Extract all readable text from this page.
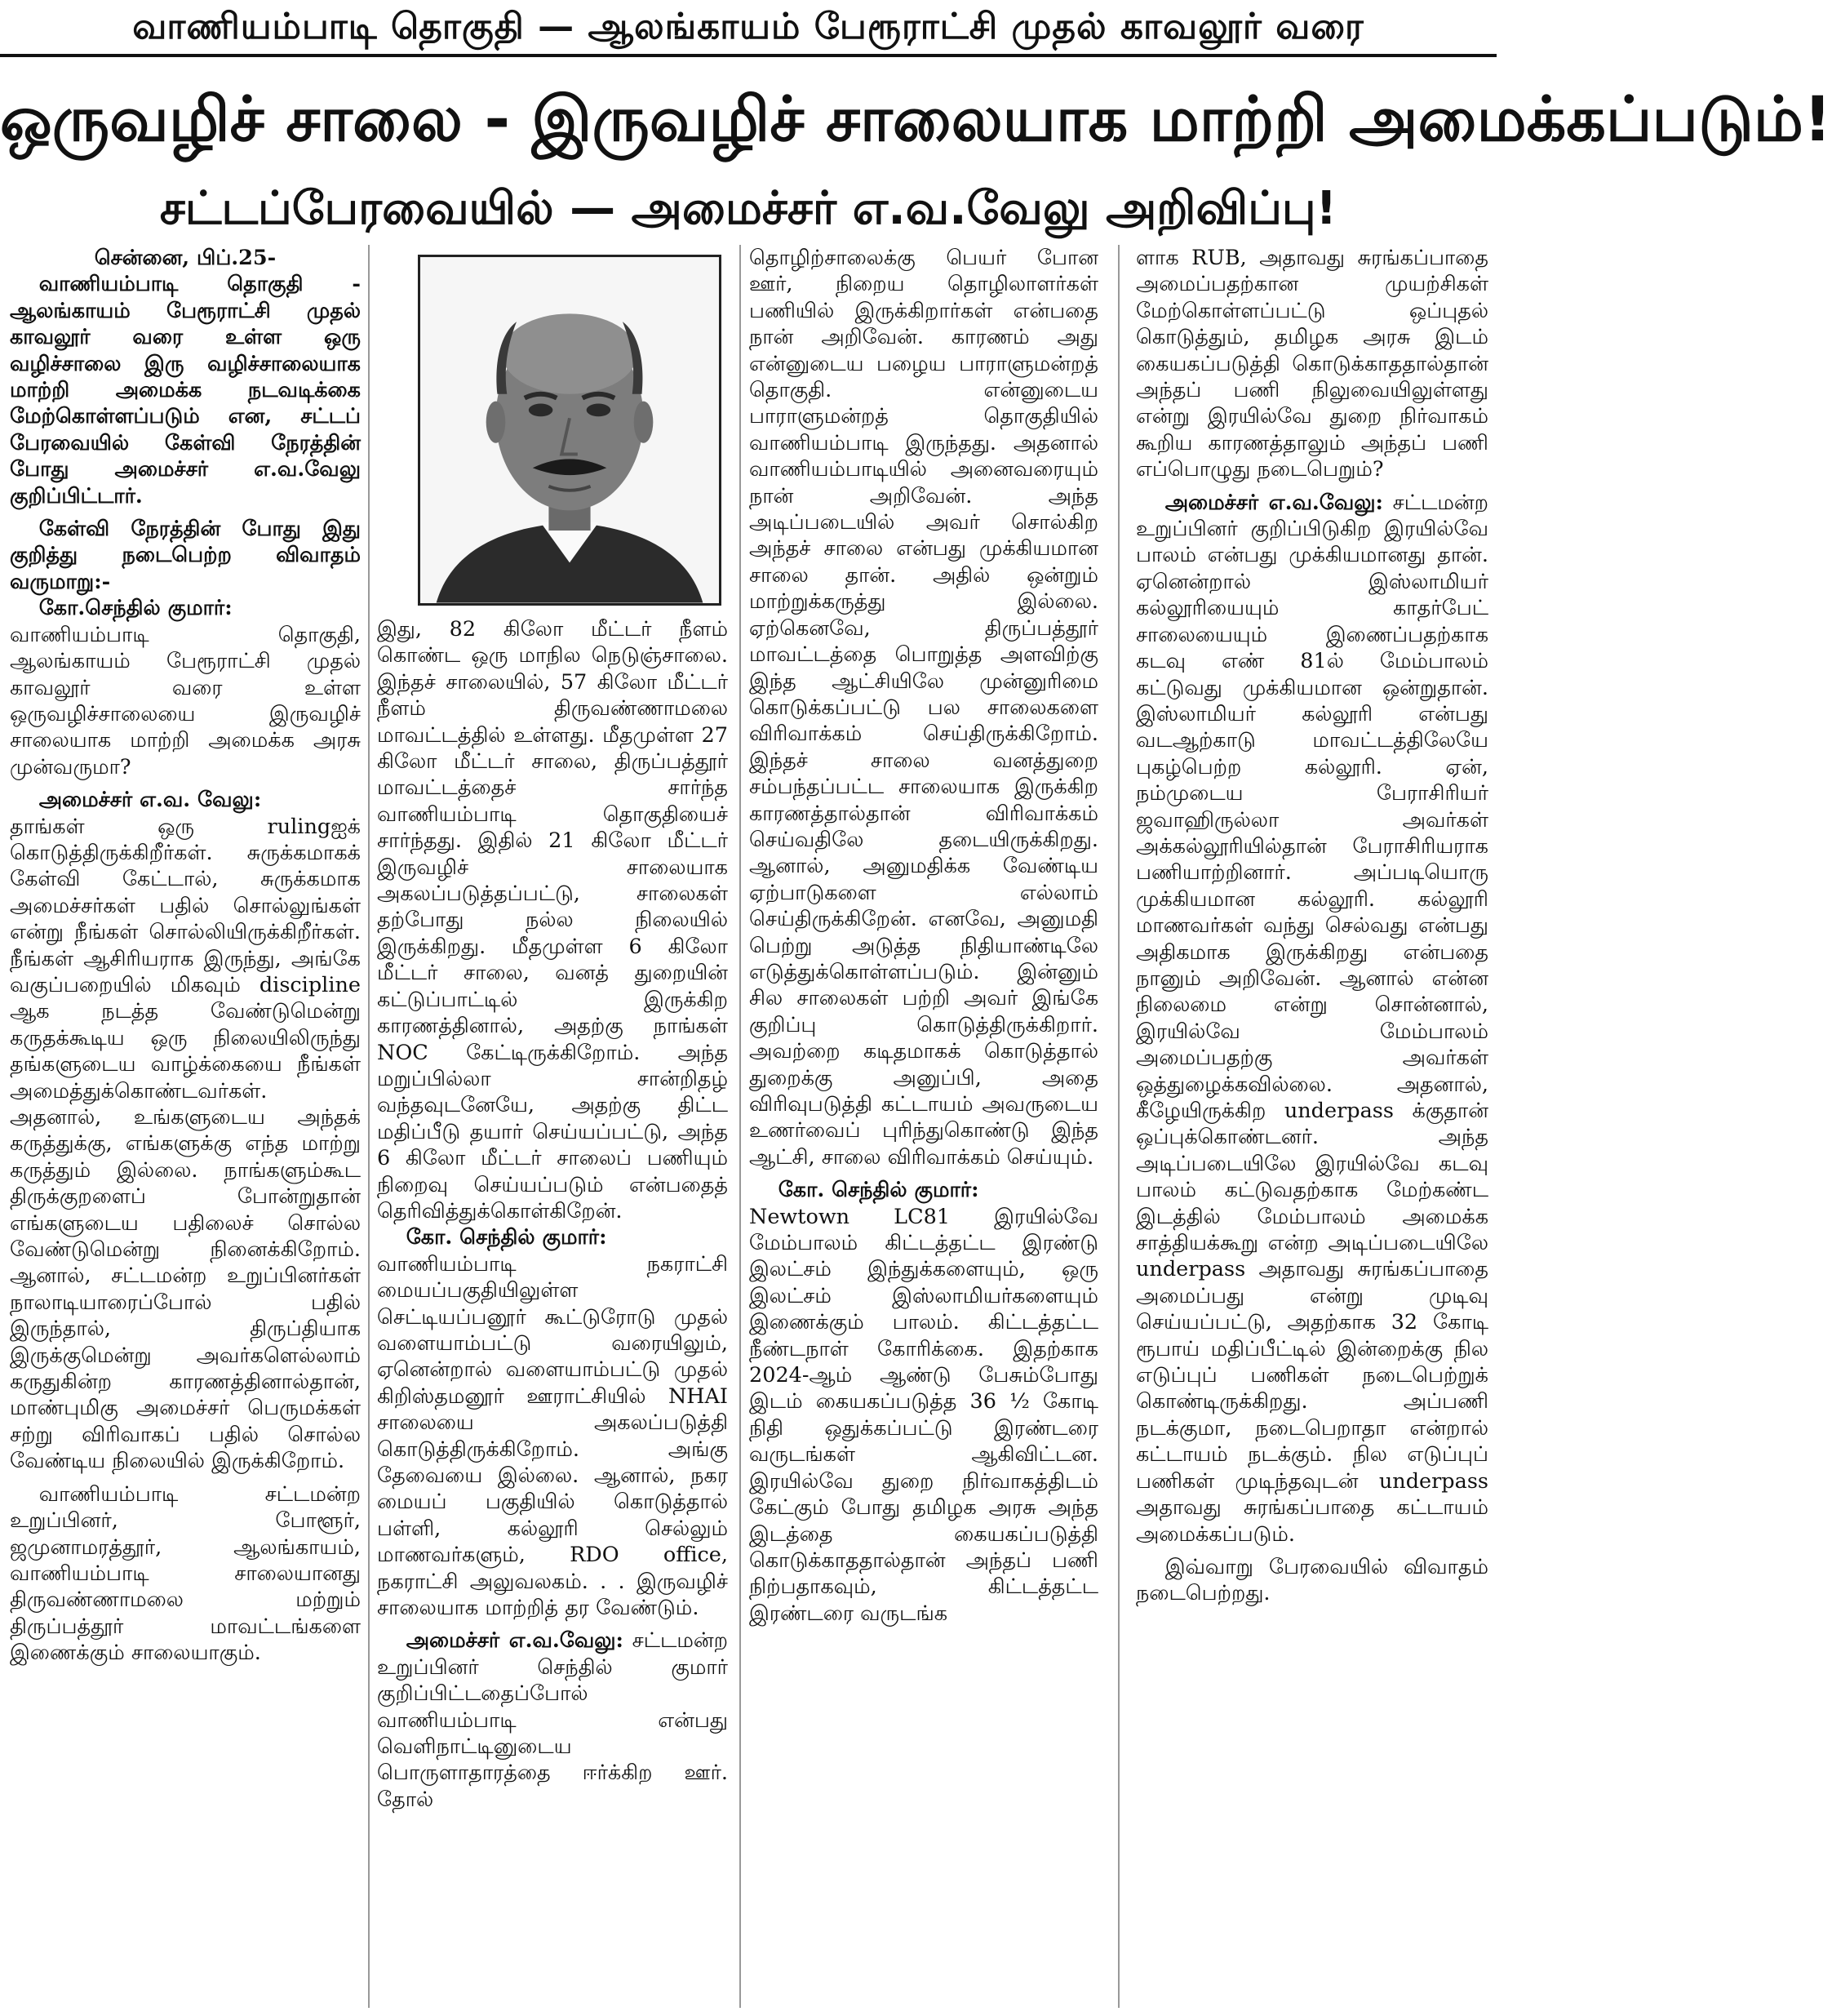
வாணியம்பாடி தொகுதி — ஆலங்காயம் பேரூராட்சி முதல் காவலூர் வரை
ஒருவழிச் சாலை - இருவழிச் சாலையாக மாற்றி அமைக்கப்படும்!
சட்டப்பேரவையில் — அமைச்சர் எ.வ.வேலு அறிவிப்பு!

சென்னை, பிப்.25-

வாணியம்பாடி தொகுதி - ஆலங்காயம் பேரூராட்சி முதல் காவலூர் வரை உள்ள ஒரு வழிச்சாலை இரு வழிச்சாலையாக மாற்றி அமைக்க நடவடிக்கை மேற்கொள்ளப்படும் என, சட்டப் பேரவையில் கேள்வி நேரத்தின் போது அமைச்சர் எ.வ.வேலு குறிப்பிட்டார்.

கேள்வி நேரத்தின் போது இது குறித்து நடைபெற்ற விவாதம் வருமாறு:-

கோ.செந்தில் குமார்:

வாணியம்பாடி தொகுதி, ஆலங்காயம் பேரூராட்சி முதல் காவலூர் வரை உள்ள ஒருவழிச்சாலையை இருவழிச் சாலையாக மாற்றி அமைக்க அரசு முன்வருமா?

அமைச்சர் எ.வ. வேலு:

தாங்கள் ஒரு rulingஐக் கொடுத்திருக்கிறீர்கள். சுருக்கமாகக் கேள்வி கேட்டால், சுருக்கமாக அமைச்சர்கள் பதில் சொல்லுங்கள் என்று நீங்கள் சொல்லியிருக்கிறீர்கள். நீங்கள் ஆசிரியராக இருந்து, அங்கே வகுப்பறையில் மிகவும் discipline ஆக நடத்த வேண்டுமென்று கருதக்கூடிய ஒரு நிலையிலிருந்து தங்களுடைய வாழ்க்கையை நீங்கள் அமைத்துக்கொண்டவர்கள். அதனால், உங்களுடைய அந்தக் கருத்துக்கு, எங்களுக்கு எந்த மாற்று கருத்தும் இல்லை. நாங்களும்கூட திருக்குறளைப் போன்றுதான் எங்களுடைய பதிலைச் சொல்ல வேண்டுமென்று நினைக்கிறோம். ஆனால், சட்டமன்ற உறுப்பினர்கள் நாலாடியாரைப்போல் பதில் இருந்தால், திருப்தியாக இருக்குமென்று அவர்களெல்லாம் கருதுகின்ற காரணத்தினால்தான், மாண்புமிகு அமைச்சர் பெருமக்கள் சற்று விரிவாகப் பதில் சொல்ல வேண்டிய நிலையில் இருக்கிறோம்.

வாணியம்பாடி சட்டமன்ற உறுப்பினர், போளூர், ஜமுனாமரத்தூர், ஆலங்காயம், வாணியம்பாடி சாலையானது திருவண்ணாமலை மற்றும் திருப்பத்தூர் மாவட்டங்களை இணைக்கும் சாலையாகும்.

இது, 82 கிலோ மீட்டர் நீளம் கொண்ட ஒரு மாநில நெடுஞ்சாலை. இந்தச் சாலையில், 57 கிலோ மீட்டர் நீளம் திருவண்ணாமலை மாவட்டத்தில் உள்ளது. மீதமுள்ள 27 கிலோ மீட்டர் சாலை, திருப்பத்தூர் மாவட்டத்தைச் சார்ந்த வாணியம்பாடி தொகுதியைச் சார்ந்தது. இதில் 21 கிலோ மீட்டர் இருவழிச் சாலையாக அகலப்படுத்தப்பட்டு, சாலைகள் தற்போது நல்ல நிலையில் இருக்கிறது. மீதமுள்ள 6 கிலோ மீட்டர் சாலை, வனத் துறையின் கட்டுப்பாட்டில் இருக்கிற காரணத்தினால், அதற்கு நாங்கள் NOC கேட்டிருக்கிறோம். அந்த மறுப்பில்லா சான்றிதழ் வந்தவுடனேயே, அதற்கு திட்ட மதிப்பீடு தயார் செய்யப்பட்டு, அந்த 6 கிலோ மீட்டர் சாலைப் பணியும் நிறைவு செய்யப்படும் என்பதைத் தெரிவித்துக்கொள்கிறேன்.

கோ. செந்தில் குமார்:

வாணியம்பாடி நகராட்சி மையப்பகுதியிலுள்ள செட்டியப்பனூர் கூட்டுரோடு முதல் வளையாம்பட்டு வரையிலும், ஏனென்றால் வளையாம்பட்டு முதல் கிறிஸ்தமனூர் ஊராட்சியில் NHAI சாலையை அகலப்படுத்தி கொடுத்திருக்கிறோம். அங்கு தேவையை இல்லை. ஆனால், நகர மையப் பகுதியில் கொடுத்தால் பள்ளி, கல்லூரி செல்லும் மாணவர்களும், RDO office, நகராட்சி அலுவலகம். . . இருவழிச் சாலையாக மாற்றித் தர வேண்டும்.

அமைச்சர் எ.வ.வேலு: சட்டமன்ற உறுப்பினர் செந்தில் குமார் குறிப்பிட்டதைப்போல் வாணியம்பாடி என்பது வெளிநாட்டினுடைய பொருளாதாரத்தை ஈர்க்கிற ஊர். தோல்

தொழிற்சாலைக்கு பெயர் போன ஊர், நிறைய தொழிலாளர்கள் பணியில் இருக்கிறார்கள் என்பதை நான் அறிவேன். காரணம் அது என்னுடைய பழைய பாராளுமன்றத் தொகுதி. என்னுடைய பாராளுமன்றத் தொகுதியில் வாணியம்பாடி இருந்தது. அதனால் வாணியம்பாடியில் அனைவரையும் நான் அறிவேன். அந்த அடிப்படையில் அவர் சொல்கிற அந்தச் சாலை என்பது முக்கியமான சாலை தான். அதில் ஒன்றும் மாற்றுக்கருத்து இல்லை. ஏற்கெனவே, திருப்பத்தூர் மாவட்டத்தை பொறுத்த அளவிற்கு இந்த ஆட்சியிலே முன்னுரிமை கொடுக்கப்பட்டு பல சாலைகளை விரிவாக்கம் செய்திருக்கிறோம். இந்தச் சாலை வனத்துறை சம்பந்தப்பட்ட சாலையாக இருக்கிற காரணத்தால்தான் விரிவாக்கம் செய்வதிலே தடையிருக்கிறது. ஆனால், அனுமதிக்க வேண்டிய ஏற்பாடுகளை எல்லாம் செய்திருக்கிறேன். எனவே, அனுமதி பெற்று அடுத்த நிதியாண்டிலே எடுத்துக்கொள்ளப்படும். இன்னும் சில சாலைகள் பற்றி அவர் இங்கே குறிப்பு கொடுத்திருக்கிறார். அவற்றை கடிதமாகக் கொடுத்தால் துறைக்கு அனுப்பி, அதை விரிவுபடுத்தி கட்டாயம் அவருடைய உணர்வைப் புரிந்துகொண்டு இந்த ஆட்சி, சாலை விரிவாக்கம் செய்யும்.

கோ. செந்தில் குமார்:

Newtown LC81 இரயில்வே மேம்பாலம் கிட்டத்தட்ட இரண்டு இலட்சம் இந்துக்களையும், ஒரு இலட்சம் இஸ்லாமியர்களையும் இணைக்கும் பாலம். கிட்டத்தட்ட நீண்டநாள் கோரிக்கை. இதற்காக 2024-ஆம் ஆண்டு பேசும்போது இடம் கையகப்படுத்த 36 ½ கோடி நிதி ஒதுக்கப்பட்டு இரண்டரை வருடங்கள் ஆகிவிட்டன. இரயில்வே துறை நிர்வாகத்திடம் கேட்கும் போது தமிழக அரசு அந்த இடத்தை கையகப்படுத்தி கொடுக்காததால்தான் அந்தப் பணி நிற்பதாகவும், கிட்டத்தட்ட இரண்டரை வருடங்க

ளாக RUB, அதாவது சுரங்கப்பாதை அமைப்பதற்கான முயற்சிகள் மேற்கொள்ளப்பட்டு ஒப்புதல் கொடுத்தும், தமிழக அரசு இடம் கையகப்படுத்தி கொடுக்காததால்தான் அந்தப் பணி நிலுவையிலுள்ளது என்று இரயில்வே துறை நிர்வாகம் கூறிய காரணத்தாலும் அந்தப் பணி எப்பொழுது நடைபெறும்?

அமைச்சர் எ.வ.வேலு: சட்டமன்ற உறுப்பினர் குறிப்பிடுகிற இரயில்வே பாலம் என்பது முக்கியமானது தான். ஏனென்றால் இஸ்லாமியர் கல்லூரியையும் காதர்பேட் சாலையையும் இணைப்பதற்காக கடவு எண் 81ல் மேம்பாலம் கட்டுவது முக்கியமான ஒன்றுதான். இஸ்லாமியர் கல்லூரி என்பது வடஆற்காடு மாவட்டத்திலேயே புகழ்பெற்ற கல்லூரி. ஏன், நம்முடைய பேராசிரியர் ஜவாஹிருல்லா அவர்கள் அக்கல்லூரியில்தான் பேராசிரியராக பணியாற்றினார். அப்படியொரு முக்கியமான கல்லூரி. கல்லூரி மாணவர்கள் வந்து செல்வது என்பது அதிகமாக இருக்கிறது என்பதை நானும் அறிவேன். ஆனால் என்ன நிலைமை என்று சொன்னால், இரயில்வே மேம்பாலம் அமைப்பதற்கு அவர்கள் ஒத்துழைக்கவில்லை. அதனால், கீழேயிருக்கிற underpass க்குதான் ஒப்புக்கொண்டனர். அந்த அடிப்படையிலே இரயில்வே கடவு பாலம் கட்டுவதற்காக மேற்கண்ட இடத்தில் மேம்பாலம் அமைக்க சாத்தியக்கூறு என்ற அடிப்படையிலே underpass அதாவது சுரங்கப்பாதை அமைப்பது என்று முடிவு செய்யப்பட்டு, அதற்காக 32 கோடி ரூபாய் மதிப்பீட்டில் இன்றைக்கு நில எடுப்புப் பணிகள் நடைபெற்றுக் கொண்டிருக்கிறது. அப்பணி நடக்குமா, நடைபெறாதா என்றால் கட்டாயம் நடக்கும். நில எடுப்புப் பணிகள் முடிந்தவுடன் underpass அதாவது சுரங்கப்பாதை கட்டாயம் அமைக்கப்படும்.

இவ்வாறு பேரவையில் விவாதம் நடைபெற்றது.
